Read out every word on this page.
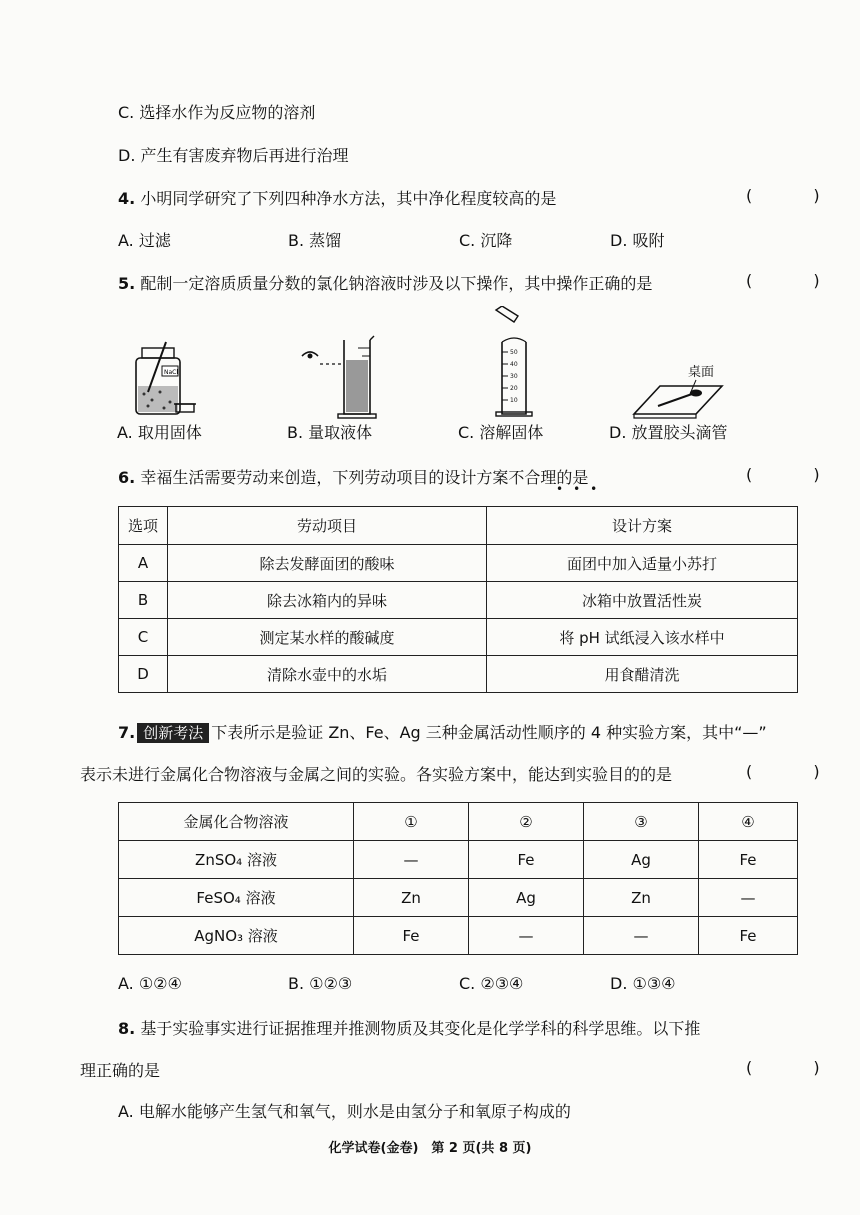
C. 选择水作为反应物的溶剂
D. 产生有害废弃物后再进行治理
4. 小明同学研究了下列四种净水方法，其中净化程度较高的是	( )
A. 过滤	B. 蒸馏	C. 沉降	D. 吸附
5. 配制一定溶质质量分数的氯化钠溶液时涉及以下操作，其中操作正确的是	( )
NaCl
A. 取用固体	B. 量取液体
50
40
30
20
10
C. 溶解固体
桌面
D. 放置胶头滴管
6. 幸福生活需要劳动来创造，下列劳动项目的设计方案不合理的是
•••
( )
选项	劳动项目	设计方案
A	除去发酵面团的酸味	面团中加入适量小苏打
B	除去冰箱内的异味	冰箱中放置活性炭
C	测定某水样的酸碱度	将 pH 试纸浸入该水样中
D	清除水壶中的水垢	用食醋清洗
7. 创新考法 下表所示是验证 Zn、Fe、Ag 三种金属活动性顺序的 4 种实验方案，其中“—”
表示未进行金属化合物溶液与金属之间的实验。各实验方案中，能达到实验目的的是	( )
金属化合物溶液	①	②	③	④
ZnSO₄ 溶液	—	Fe	Ag	Fe
FeSO₄ 溶液	Zn	Ag	Zn	—
AgNO₃ 溶液	Fe	—	—	Fe
A. ①②④	B. ①②③	C. ②③④	D. ①③④
8. 基于实验事实进行证据推理并推测物质及其变化是化学学科的科学思维。以下推
理正确的是	( )
A. 电解水能够产生氢气和氧气，则水是由氢分子和氧原子构成的
化学试卷(金卷)　第 2 页(共 8 页)
